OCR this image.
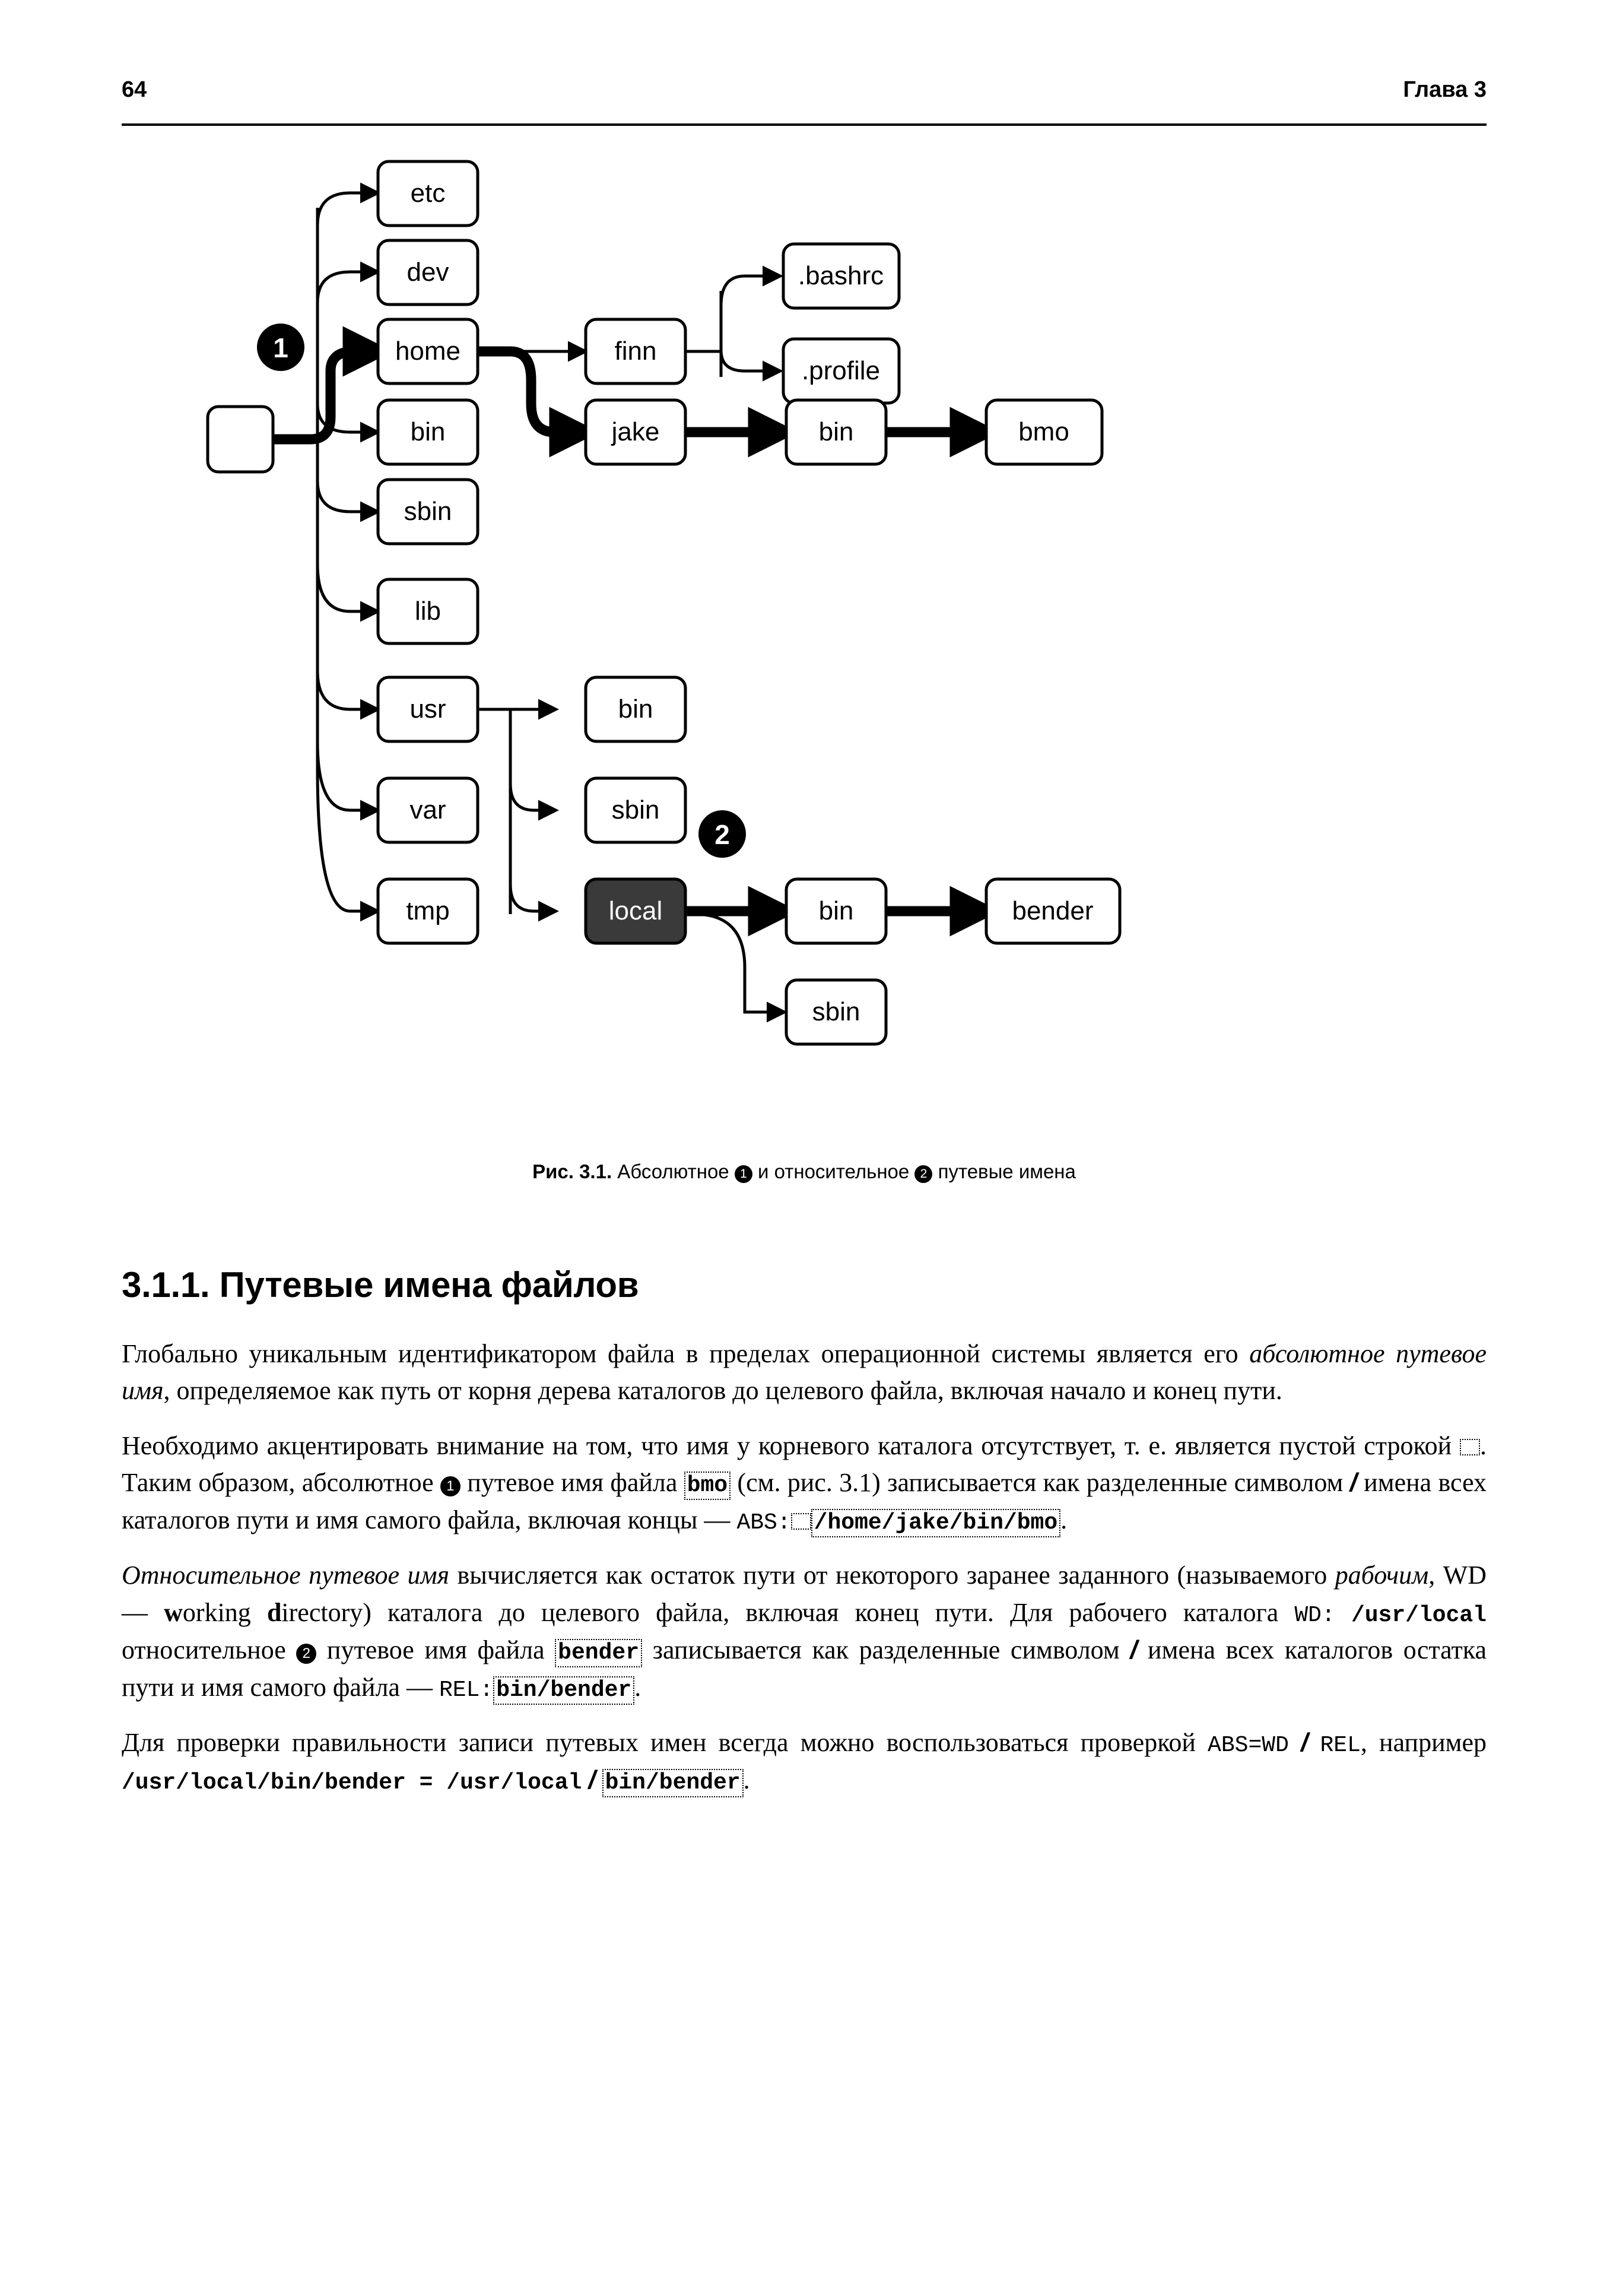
64	Глава 3
etc
dev
home
bin
sbin
lib
usr
var
tmp
finn
jake
bin
sbin
local
.bashrc
.profile
bin
bin
sbin
bmo
bender
1
2
Рис. 3.1. Абсолютное 1 и относительное 2 путевые имена
3.1.1. Путевые имена файлов

Глобально уникальным идентификатором файла в пределах операционной системы является его абсолютное путевое имя, определяемое как путь от корня дерева каталогов до целевого файла, включая начало и конец пути.

Необходимо акцентировать внимание на том, что имя у корневого каталога отсутствует, т. е. является пустой строкой . Таким образом, абсолютное 1 путевое имя файла bmo (см. рис. 3.1) записывается как разделенные символом / имена всех каталогов пути и имя самого файла, включая концы — ABS: /home/jake/bin/bmo .

Относительное путевое имя вычисляется как остаток пути от некоторого заранее заданного (называемого рабочим, WD — working directory) каталога до целевого файла, включая конец пути. Для рабочего каталога WD: /usr/local относительное 2 путевое имя файла bender записывается как разделенные символом / имена всех каталогов остатка пути и имя самого файла — REL: bin/bender .

Для проверки правильности записи путевых имен всегда можно воспользоваться проверкой ABS=WD / REL, например /usr/local/bin/bender = /usr/local / bin/bender .
